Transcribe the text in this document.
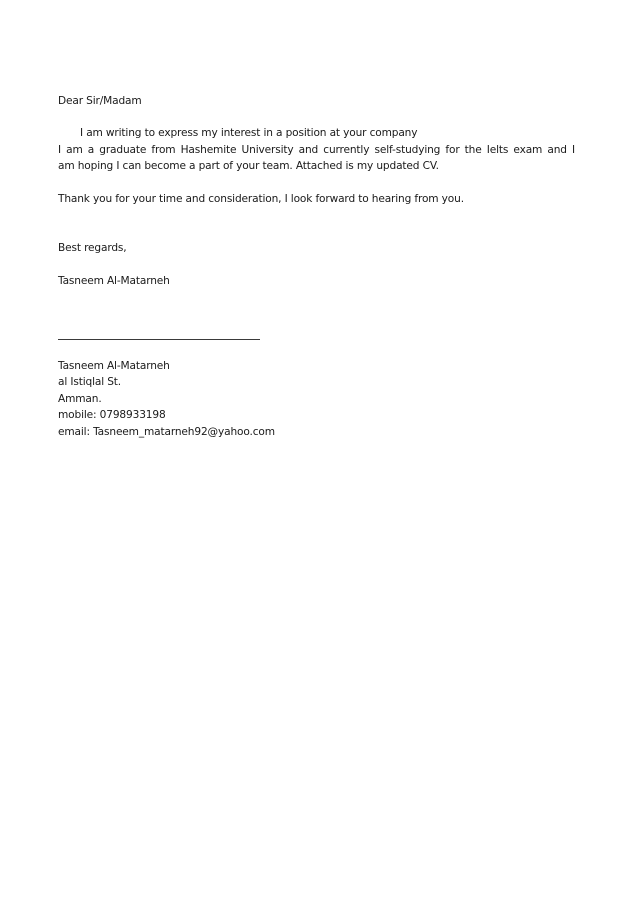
Dear Sir/Madam
I am writing to express my interest in a position at your company
I am a graduate from Hashemite University and currently self-studying for the Ielts exam and I
am hoping I can become a part of your team. Attached is my updated CV.
Thank you for your time and consideration, I look forward to hearing from you.
Best regards,
Tasneem Al-Matarneh
Tasneem Al-Matarneh
al Istiqlal St.
Amman.
mobile: 0798933198
email: Tasneem_matarneh92@yahoo.com
